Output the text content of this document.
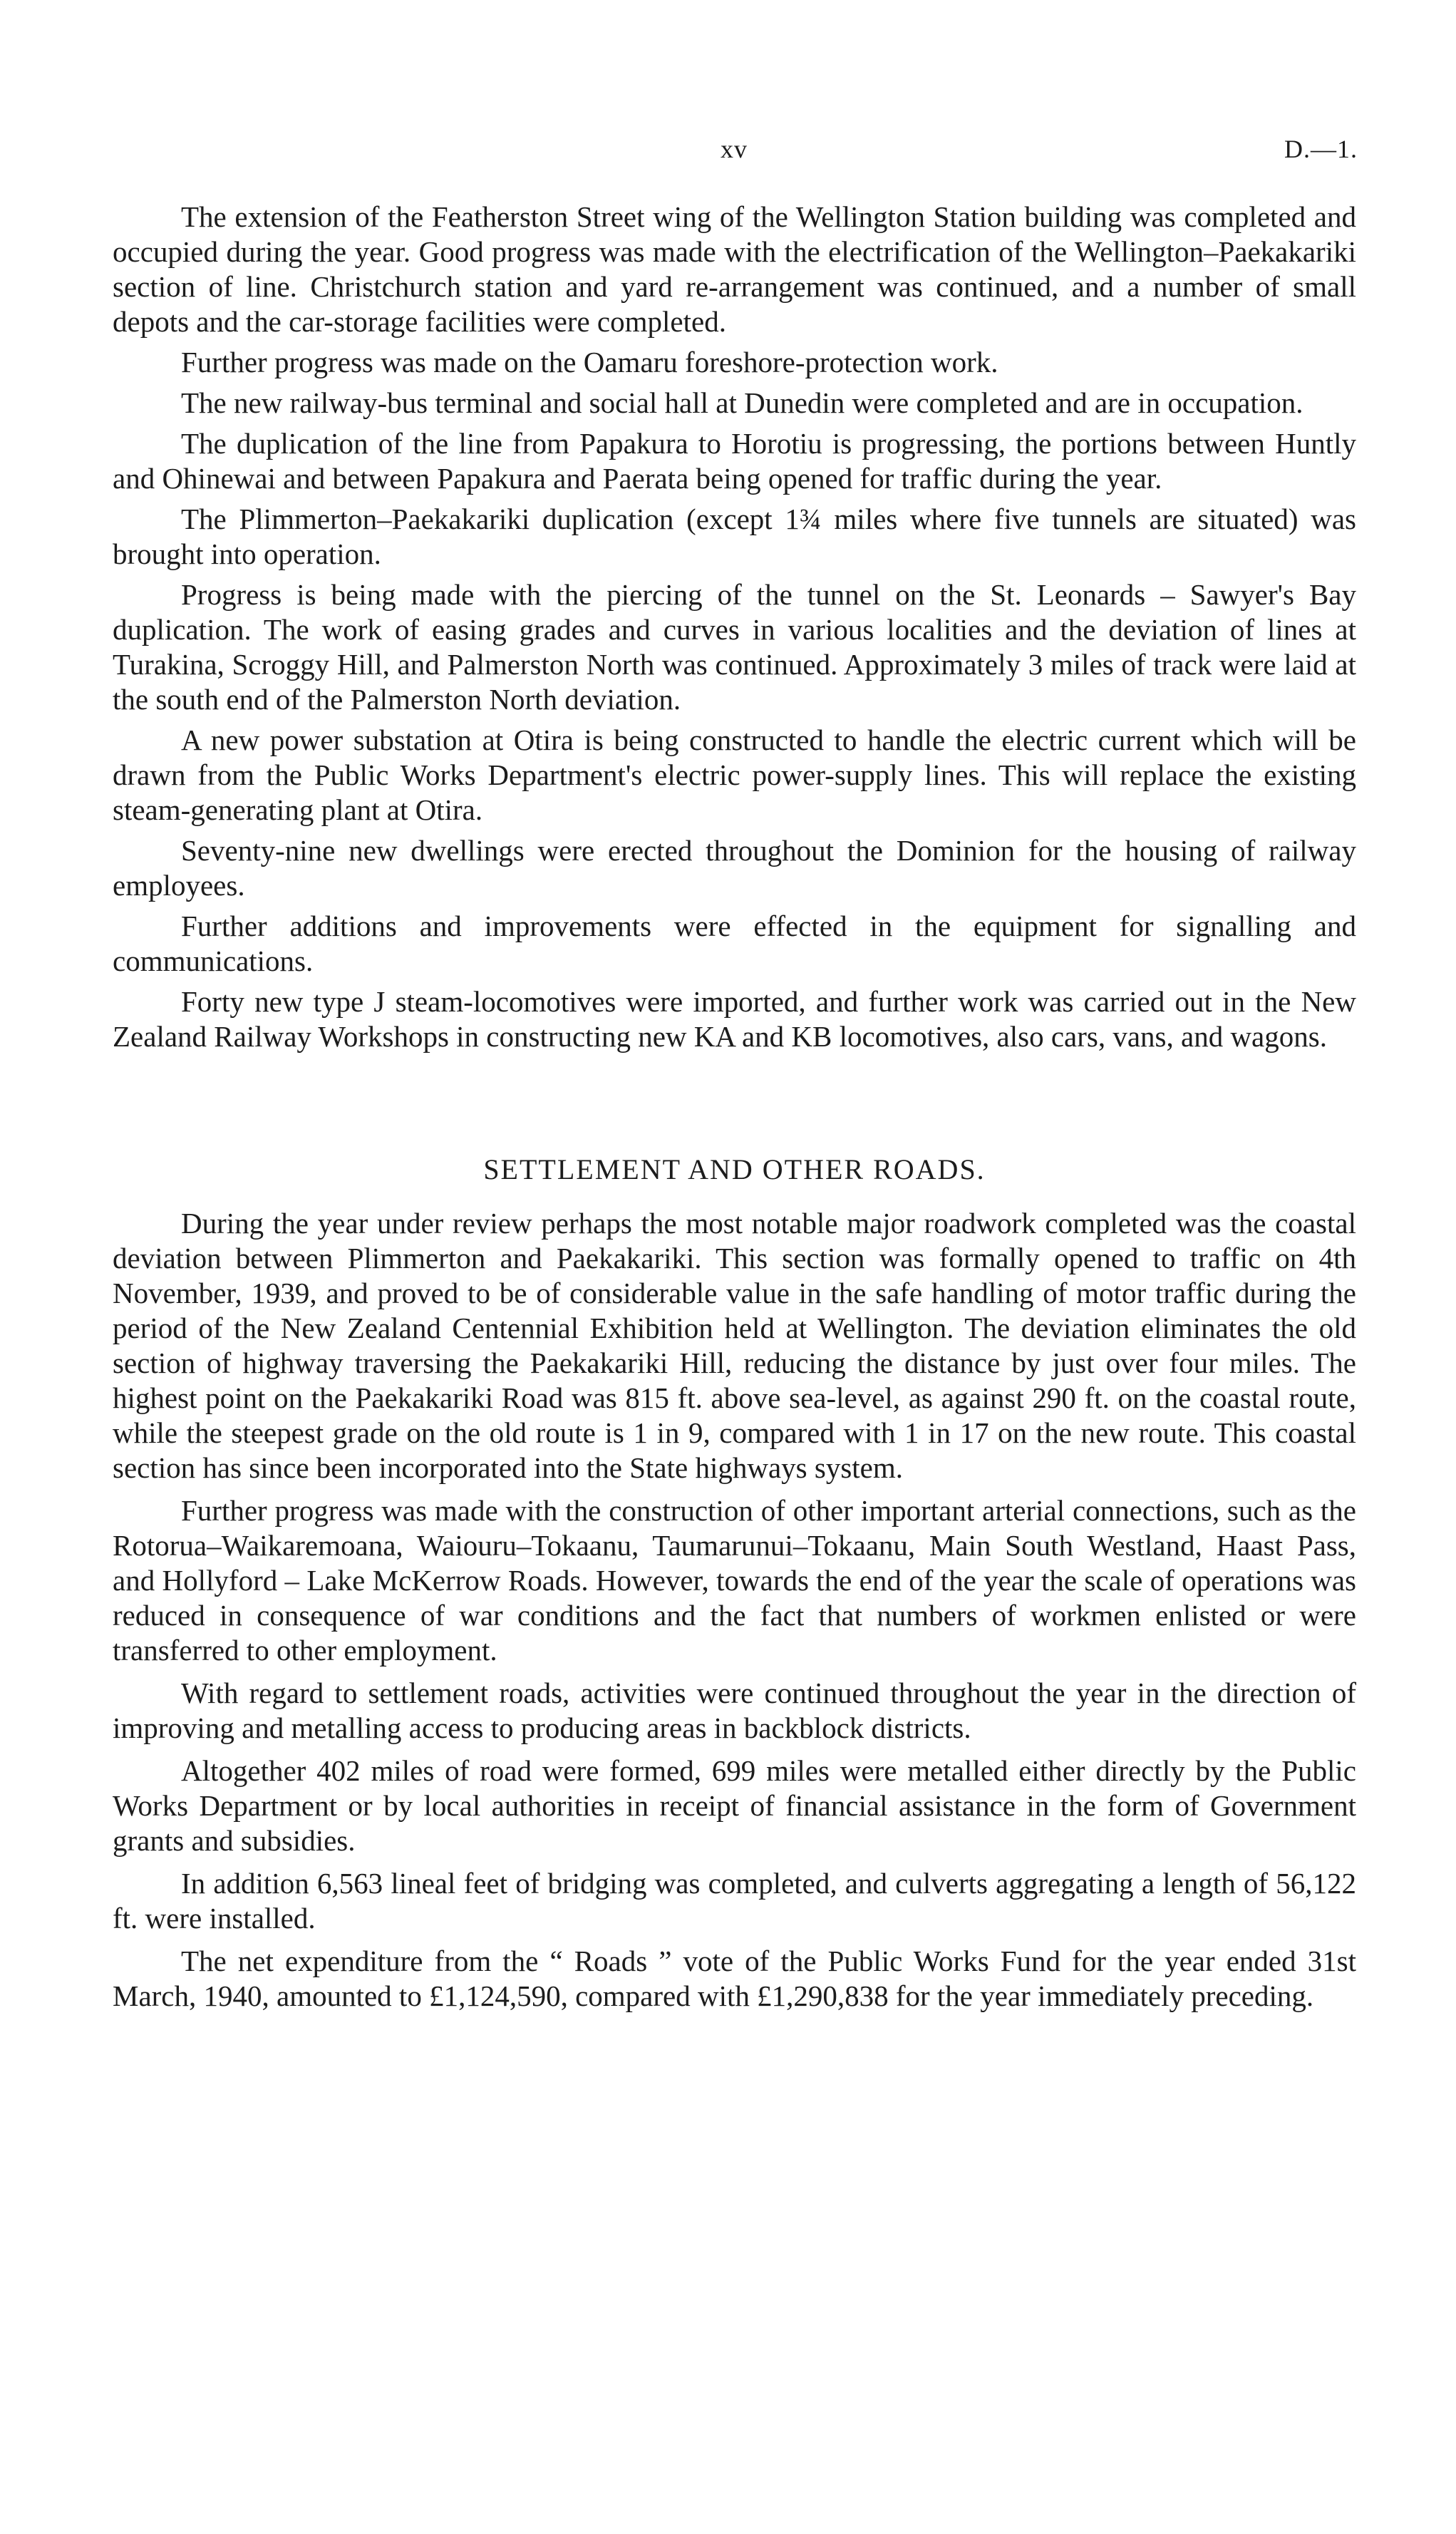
xv	D.—1.

The extension of the Featherston Street wing of the Wellington Station building was completed and occupied during the year. Good progress was made with the electrification of the Wellington–Paekakariki section of line. Christchurch station and yard re-arrangement was continued, and a number of small depots and the car-storage facilities were completed.

Further progress was made on the Oamaru foreshore-protection work.

The new railway-bus terminal and social hall at Dunedin were completed and are in occupation.

The duplication of the line from Papakura to Horotiu is progressing, the portions between Huntly and Ohinewai and between Papakura and Paerata being opened for traffic during the year.

The Plimmerton–Paekakariki duplication (except 1¾ miles where five tunnels are situated) was brought into operation.

Progress is being made with the piercing of the tunnel on the St. Leonards – Sawyer's Bay duplication. The work of easing grades and curves in various localities and the deviation of lines at Turakina, Scroggy Hill, and Palmerston North was continued. Approximately 3 miles of track were laid at the south end of the Palmerston North deviation.

A new power substation at Otira is being constructed to handle the electric current which will be drawn from the Public Works Department's electric power-supply lines. This will replace the existing steam-generating plant at Otira.

Seventy-nine new dwellings were erected throughout the Dominion for the housing of railway employees.

Further additions and improvements were effected in the equipment for signalling and communications.

Forty new type J steam-locomotives were imported, and further work was carried out in the New Zealand Railway Workshops in constructing new KA and KB locomotives, also cars, vans, and wagons.

SETTLEMENT AND OTHER ROADS.

During the year under review perhaps the most notable major roadwork completed was the coastal deviation between Plimmerton and Paekakariki. This section was formally opened to traffic on 4th November, 1939, and proved to be of considerable value in the safe handling of motor traffic during the period of the New Zealand Centennial Exhibition held at Wellington. The deviation eliminates the old section of highway traversing the Paekakariki Hill, reducing the distance by just over four miles. The highest point on the Paekakariki Road was 815 ft. above sea-level, as against 290 ft. on the coastal route, while the steepest grade on the old route is 1 in 9, compared with 1 in 17 on the new route. This coastal section has since been incorporated into the State highways system.

Further progress was made with the construction of other important arterial connections, such as the Rotorua–Waikaremoana, Waiouru–Tokaanu, Taumarunui–Tokaanu, Main South Westland, Haast Pass, and Hollyford – Lake McKerrow Roads. However, towards the end of the year the scale of operations was reduced in consequence of war conditions and the fact that numbers of workmen enlisted or were transferred to other employment.

With regard to settlement roads, activities were continued throughout the year in the direction of improving and metalling access to producing areas in backblock districts.

Altogether 402 miles of road were formed, 699 miles were metalled either directly by the Public Works Department or by local authorities in receipt of financial assistance in the form of Government grants and subsidies.

In addition 6,563 lineal feet of bridging was completed, and culverts aggregating a length of 56,122 ft. were installed.

The net expenditure from the “ Roads ” vote of the Public Works Fund for the year ended 31st March, 1940, amounted to £1,124,590, compared with £1,290,838 for the year immediately preceding.
